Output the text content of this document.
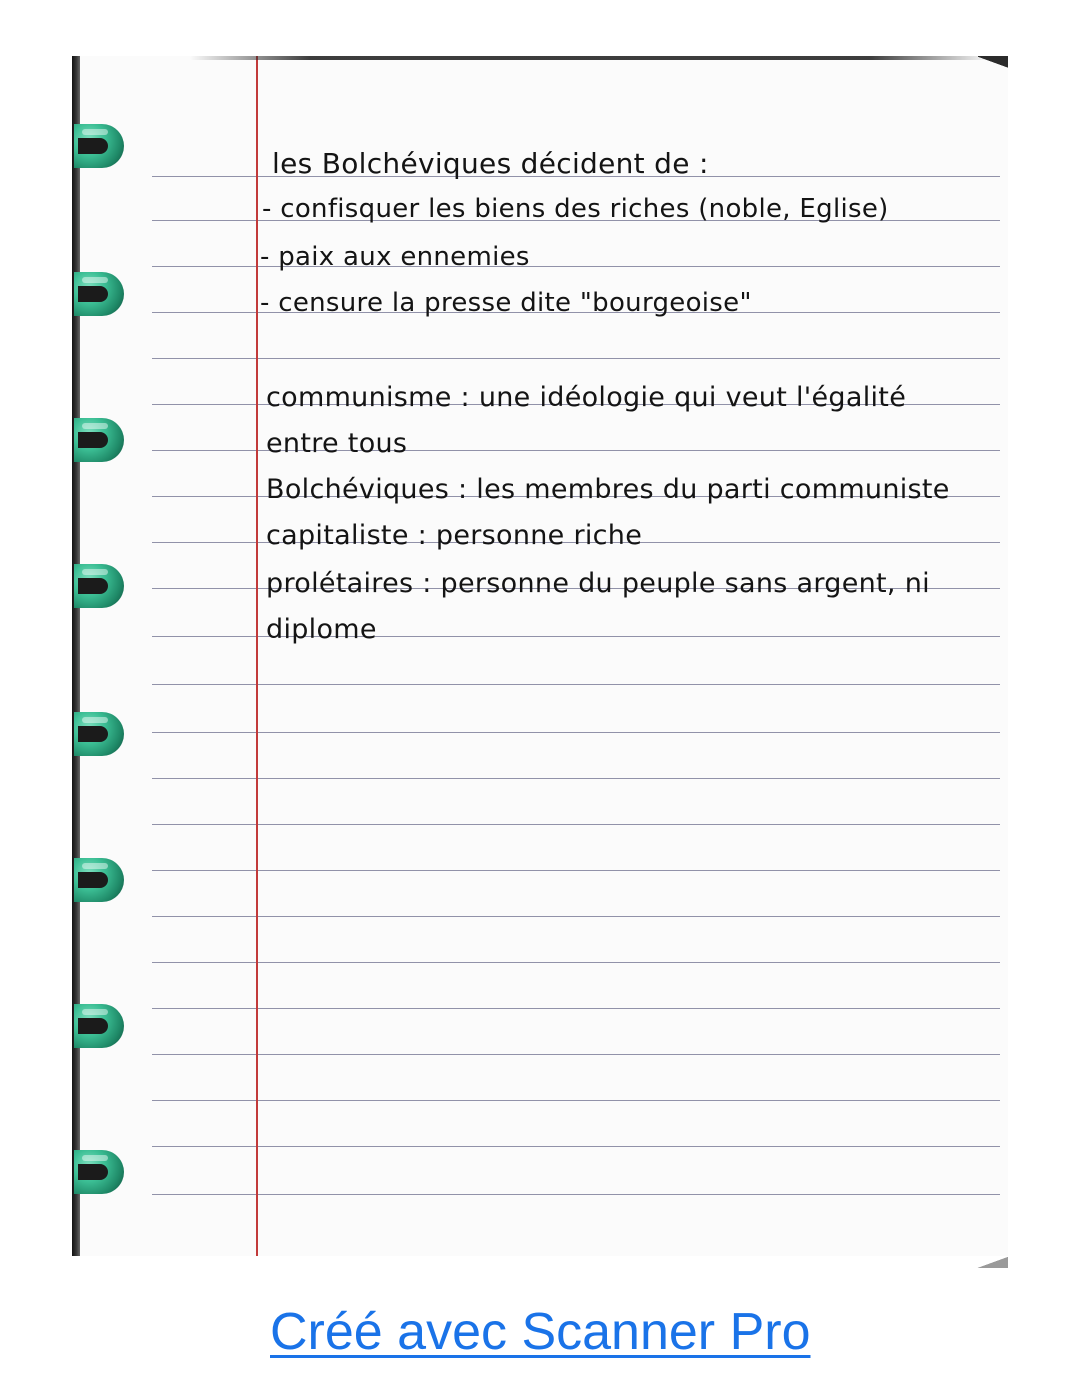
les Bolchéviques décident de :
- confisquer les biens des riches (noble, Eglise)
- paix aux ennemies
- censure la presse dite "bourgeoise"
communisme : une idéologie qui veut l'égalité
entre tous
Bolchéviques : les membres du parti communiste
capitaliste : personne riche
prolétaires : personne du peuple sans argent, ni
diplome
Créé avec Scanner Pro
